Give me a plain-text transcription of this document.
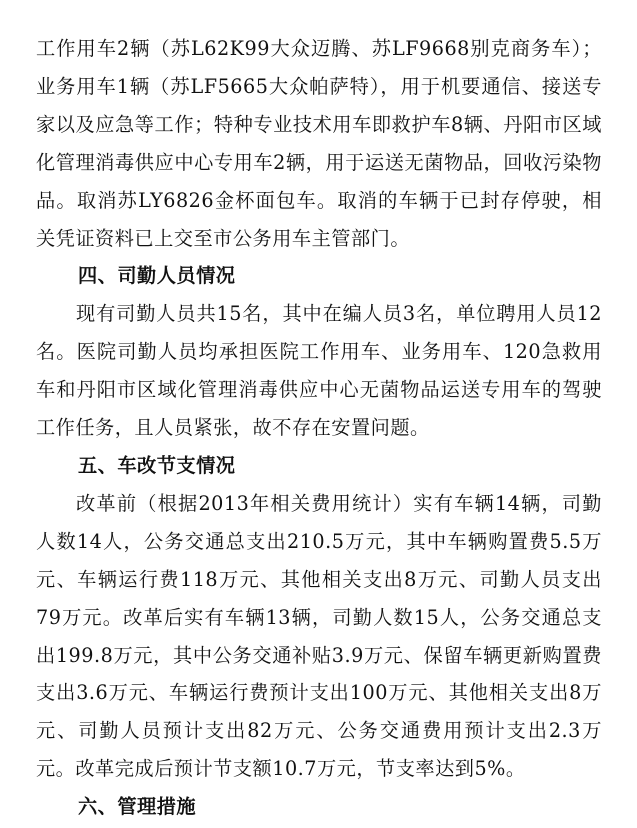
工作用车2辆（苏L62K99大众迈腾、苏LF9668别克商务车）；业务用车1辆（苏LF5665大众帕萨特），用于机要通信、接送专家以及应急等工作；特种专业技术用车即救护车8辆、丹阳市区域化管理消毒供应中心专用车2辆，用于运送无菌物品，回收污染物品。取消苏LY6826金杯面包车。取消的车辆于已封存停驶，相关凭证资料已上交至市公务用车主管部门。

四、司勤人员情况

现有司勤人员共15名，其中在编人员3名，单位聘用人员12名。医院司勤人员均承担医院工作用车、业务用车、120急救用车和丹阳市区域化管理消毒供应中心无菌物品运送专用车的驾驶工作任务，且人员紧张，故不存在安置问题。

五、车改节支情况

改革前（根据2013年相关费用统计）实有车辆14辆，司勤人数14人，公务交通总支出210.5万元，其中车辆购置费5.5万元、车辆运行费118万元、其他相关支出8万元、司勤人员支出79万元。改革后实有车辆13辆，司勤人数15人，公务交通总支出199.8万元，其中公务交通补贴3.9万元、保留车辆更新购置费支出3.6万元、车辆运行费预计支出100万元、其他相关支出8万元、司勤人员预计支出82万元、公务交通费用预计支出2.3万元。改革完成后预计节支额10.7万元，节支率达到5%。

六、管理措施
